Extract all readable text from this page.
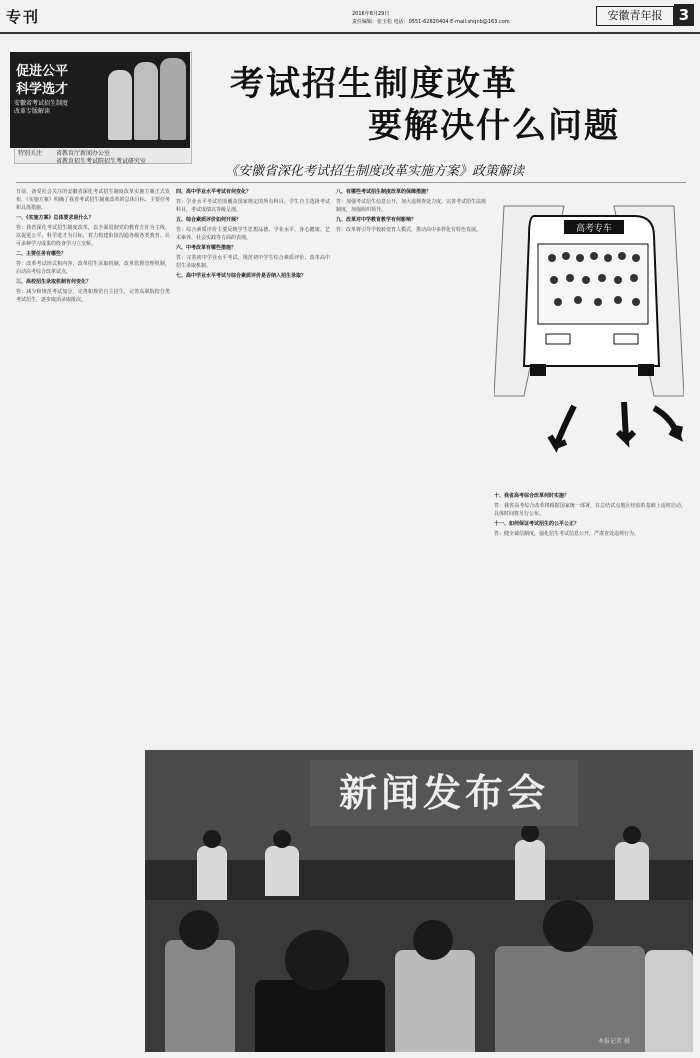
专刊	2016年8月29日
责任编辑：张玉松 电话：0551-62820404 E-mail:shqnb@163.com	安徽青年报	3
促进公平
科学选才
安徽省考试招生制度改革专版解读
特别关注 省教育厅新闻办公室
省教育招生考试院招生考试研究室
考试招生制度改革
要解决什么问题
《安徽省深化考试招生制度改革实施方案》政策解读

日前，备受社会关注的安徽省深化考试招生制度改革实施方案正式发布，《实施方案》明确了我省考试招生制度改革的总体目标、主要任务和具体措施。

一、《实施方案》总体要求是什么？

答：我省深化考试招生制度改革，以全面贯彻党的教育方针为主线，以促进公平、科学选才为目标，着力构建衔接沟通各级各类教育、认可多种学习成果的终身学习立交桥。

二、主要任务有哪些？

答：改革考试形式和内容，改革招生录取机制，改革监督管理机制，启动高考综合改革试点。

三、高校招生录取机制有何变化？

答：减少和规范考试加分，完善和规范自主招生，完善高职院校分类考试招生，逐步取消录取批次。

四、高中学业水平考试有何变化？

答：学业水平考试范围覆盖国家规定的所有科目，学生自主选择考试科目，考试成绩以等级呈现。

五、综合素质评价如何开展？

答：综合素质评价主要反映学生思想品德、学业水平、身心健康、艺术素养、社会实践等方面的表现。

六、中考改革有哪些措施？

答：完善初中学业水平考试，规范初中学生综合素质评价，改革高中招生录取机制。

七、高中学业水平考试与综合素质评价是否纳入招生录取？

八、有哪些考试招生制度改革的保障措施？

答：加强考试招生信息公开，加大违规查处力度，完善考试招生法规制度，加强组织领导。

九、改革对中学教育教学有何影响？

答：改革将引导学校转变育人模式，推动高中多样化有特色发展。

十、我省高考综合改革何时实施？

答：我省高考综合改革将根据国家统一部署，在总结试点地区经验的基础上适时启动，具体时间将另行公布。

十一、如何保证考试招生的公平公正？

答：健全诚信制度，强化招生考试信息公开，严肃查处违规行为。

高考专车
新闻发布会
本报记者 摄
